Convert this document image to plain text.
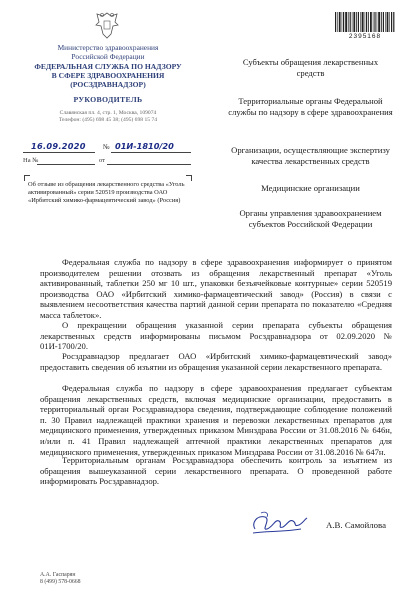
Министерство здравоохранения
Российской Федерации
ФЕДЕРАЛЬНАЯ СЛУЖБА ПО НАДЗОРУ
В СФЕРЕ ЗДРАВООХРАНЕНИЯ
(РОСЗДРАВНАДЗОР)
РУКОВОДИТЕЛЬ
Славянская пл. 4, стр. 1, Москва, 109074
Телефон: (495) 698 45 38; (495) 698 15 74
16.09.2020 № 01И-1810/20
На №	от
Об отзыве из обращения лекарственного средства «Уголь активированный» серии 520519 производства ОАО «Ирбитский химико-фармацевтический завод» (Россия)
2395168
Субъекты обращения лекарственных средств
Территориальные органы Федеральной службы по надзору в сфере здравоохранения
Организации, осуществляющие экспертизу качества лекарственных средств
Медицинские организации
Органы управления здравоохранением субъектов Российской Федерации

Федеральная служба по надзору в сфере здравоохранения информирует о принятом производителем решении отозвать из обращения лекарственный препарат «Уголь активированный, таблетки 250 мг 10 шт., упаковки безъячейковые контурные» серии 520519 производства ОАО «Ирбитский химико-фармацевтический завод» (Россия) в связи с выявлением несоответствия качества партий данной серии препарата по показателю «Средняя масса таблеток».

О прекращении обращения указанной серии препарата субъекты обращения лекарственных средств информированы письмом Росздравнадзора от 02.09.2020 № 01И-1700/20.

Росздравнадзор предлагает ОАО «Ирбитский химико-фармацевтический завод» предоставить сведения об изъятии из обращения указанной серии лекарственного препарата.

Федеральная служба по надзору в сфере здравоохранения предлагает субъектам обращения лекарственных средств, включая медицинские организации, предоставить в территориальный орган Росздравнадзора сведения, подтверждающие соблюдение положений п. 30 Правил надлежащей практики хранения и перевозки лекарственных препаратов для медицинского применения, утвержденных приказом Минздрава России от 31.08.2016 № 646н, и/или п. 41 Правил надлежащей аптечной практики лекарственных препаратов для медицинского применения, утвержденных приказом Минздрава России от 31.08.2016 № 647н.

Территориальным органам Росздравнадзора обеспечить контроль за изъятием из обращения вышеуказанной серии лекарственного препарата. О проведенной работе информировать Росздравнадзор.

А.В. Самойлова
А.А. Гаспарян
8 (499) 578-0668
